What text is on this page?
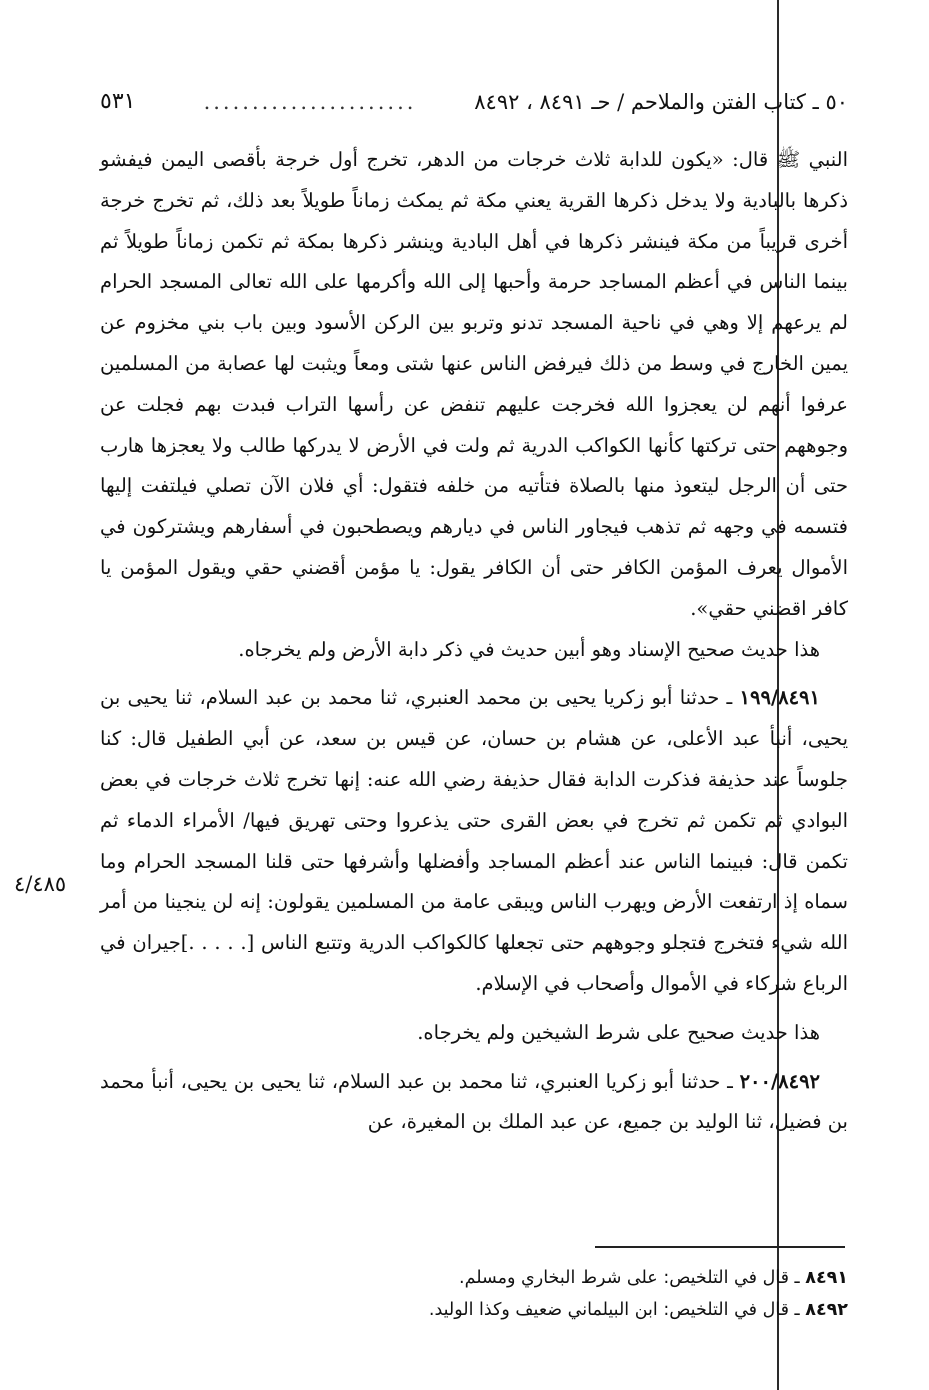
٥٠ ـ كتاب الفتن والملاحم / حـ ٨٤٩١ ، ٨٤٩٢
......................
٥٣١

النبي ﷺ قال: «يكون للدابة ثلاث خرجات من الدهر، تخرج أول خرجة بأقصى اليمن فيفشو ذكرها بالبادية ولا يدخل ذكرها القرية يعني مكة ثم يمكث زماناً طويلاً بعد ذلك، ثم تخرج خرجة أخرى قريباً من مكة فينشر ذكرها في أهل البادية وينشر ذكرها بمكة ثم تكمن زماناً طويلاً ثم بينما الناس في أعظم المساجد حرمة وأحبها إلى الله وأكرمها على الله تعالى المسجد الحرام لم يرعهم إلا وهي في ناحية المسجد تدنو وتربو بين الركن الأسود وبين باب بني مخزوم عن يمين الخارج في وسط من ذلك فيرفض الناس عنها شتى ومعاً ويثبت لها عصابة من المسلمين عرفوا أنهم لن يعجزوا الله فخرجت عليهم تنفض عن رأسها التراب فبدت بهم فجلت عن وجوههم حتى تركتها كأنها الكواكب الدرية ثم ولت في الأرض لا يدركها طالب ولا يعجزها هارب حتى أن الرجل ليتعوذ منها بالصلاة فتأتيه من خلفه فتقول: أي فلان الآن تصلي فيلتفت إليها فتسمه في وجهه ثم تذهب فيجاور الناس في ديارهم ويصطحبون في أسفارهم ويشتركون في الأموال يعرف المؤمن الكافر حتى أن الكافر يقول: يا مؤمن أقضني حقي ويقول المؤمن يا كافر اقضني حقي».

هذا حديث صحيح الإسناد وهو أبين حديث في ذكر دابة الأرض ولم يخرجاه.

١٩٩/٨٤٩١ ـ حدثنا أبو زكريا يحيى بن محمد العنبري، ثنا محمد بن عبد السلام، ثنا يحيى بن يحيى، أنبأ عبد الأعلى، عن هشام بن حسان، عن قيس بن سعد، عن أبي الطفيل قال: كنا جلوساً عند حذيفة فذكرت الدابة فقال حذيفة رضي الله عنه: إنها تخرج ثلاث خرجات في بعض البوادي ثم تكمن ثم تخرج في بعض القرى حتى يذعروا وحتى تهريق فيها/ الأمراء الدماء ثم تكمن قال: فبينما الناس عند أعظم المساجد وأفضلها وأشرفها حتى قلنا المسجد الحرام وما سماه إذ ارتفعت الأرض ويهرب الناس ويبقى عامة من المسلمين يقولون: إنه لن ينجينا من أمر الله شيء فتخرج فتجلو وجوههم حتى تجعلها كالكواكب الدرية وتتبع الناس [. . . . .]جيران في الرباع شركاء في الأموال وأصحاب في الإسلام.

هذا حديث صحيح على شرط الشيخين ولم يخرجاه.

٢٠٠/٨٤٩٢ ـ حدثنا أبو زكريا العنبري، ثنا محمد بن عبد السلام، ثنا يحيى بن يحيى، أنبأ محمد بن فضيل، ثنا الوليد بن جميع، عن عبد الملك بن المغيرة، عن

٤/٤٨٥

٨٤٩١ ـ قال في التلخيص: على شرط البخاري ومسلم.

٨٤٩٢ ـ قال في التلخيص: ابن البيلماني ضعيف وكذا الوليد.
